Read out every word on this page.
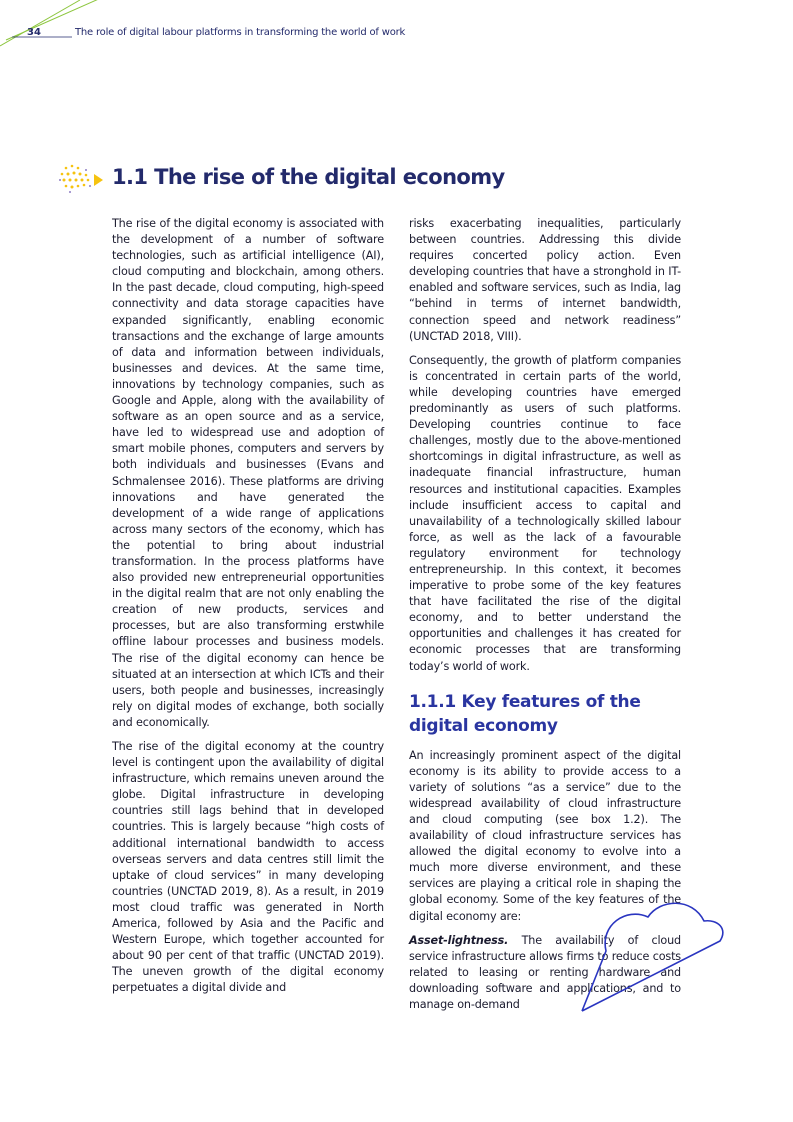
34	The role of digital labour platforms in transforming the world of work
1.1 The rise of the digital economy

The rise of the digital economy is associated with the development of a number of software technologies, such as artificial intelligence (AI), cloud computing and blockchain, among others. In the past decade, cloud computing, high-speed connectivity and data storage capacities have expanded significantly, enabling economic transactions and the exchange of large amounts of data and information between individuals, businesses and devices. At the same time, innovations by technology companies, such as Google and Apple, along with the availability of software as an open source and as a service, have led to widespread use and adoption of smart mobile phones, computers and servers by both individuals and businesses (Evans and Schmalensee 2016). These platforms are driving innovations and have generated the development of a wide range of applications across many sectors of the economy, which has the potential to bring about industrial transformation. In the process platforms have also provided new entrepreneurial opportunities in the digital realm that are not only enabling the creation of new products, services and processes, but are also transforming erstwhile offline labour processes and business models. The rise of the digital economy can hence be situated at an intersection at which ICTs and their users, both people and businesses, increasingly rely on digital modes of exchange, both socially and economically.

The rise of the digital economy at the country level is contingent upon the availability of digital infrastructure, which remains uneven around the globe. Digital infrastructure in developing countries still lags behind that in developed countries. This is largely because “high costs of additional international bandwidth to access overseas servers and data centres still limit the uptake of cloud services” in many developing countries (UNCTAD 2019, 8). As a result, in 2019 most cloud traffic was generated in North America, followed by Asia and the Pacific and Western Europe, which together accounted for about 90 per cent of that traffic (UNCTAD 2019). The uneven growth of the digital economy perpetuates a digital divide and

risks exacerbating inequalities, particularly between countries. Addressing this divide requires concerted policy action. Even developing countries that have a stronghold in IT-enabled and software services, such as India, lag “behind in terms of internet bandwidth, connection speed and network readiness” (UNCTAD 2018, VIII).

Consequently, the growth of platform companies is concentrated in certain parts of the world, while developing countries have emerged predominantly as users of such platforms. Developing countries continue to face challenges, mostly due to the above-mentioned shortcomings in digital infrastructure, as well as inadequate financial infrastructure, human resources and institutional capacities. Examples include insufficient access to capital and unavailability of a technologically skilled labour force, as well as the lack of a favourable regulatory environment for technology entrepreneurship. In this context, it becomes imperative to probe some of the key features that have facilitated the rise of the digital economy, and to better understand the opportunities and challenges it has created for economic processes that are transforming today’s world of work.

1.1.1 Key features of the digital economy

An increasingly prominent aspect of the digital economy is its ability to provide access to a variety of solutions “as a service” due to the widespread availability of cloud infrastructure and cloud computing (see box 1.2). The availability of cloud infrastructure services has allowed the digital economy to evolve into a much more diverse environment, and these services are playing a critical role in shaping the global economy. Some of the key features of the digital economy are:

Asset-lightness. The availability of cloud service infrastructure allows firms to reduce costs related to leasing or renting hardware and downloading software and applications, and to manage on-demand
